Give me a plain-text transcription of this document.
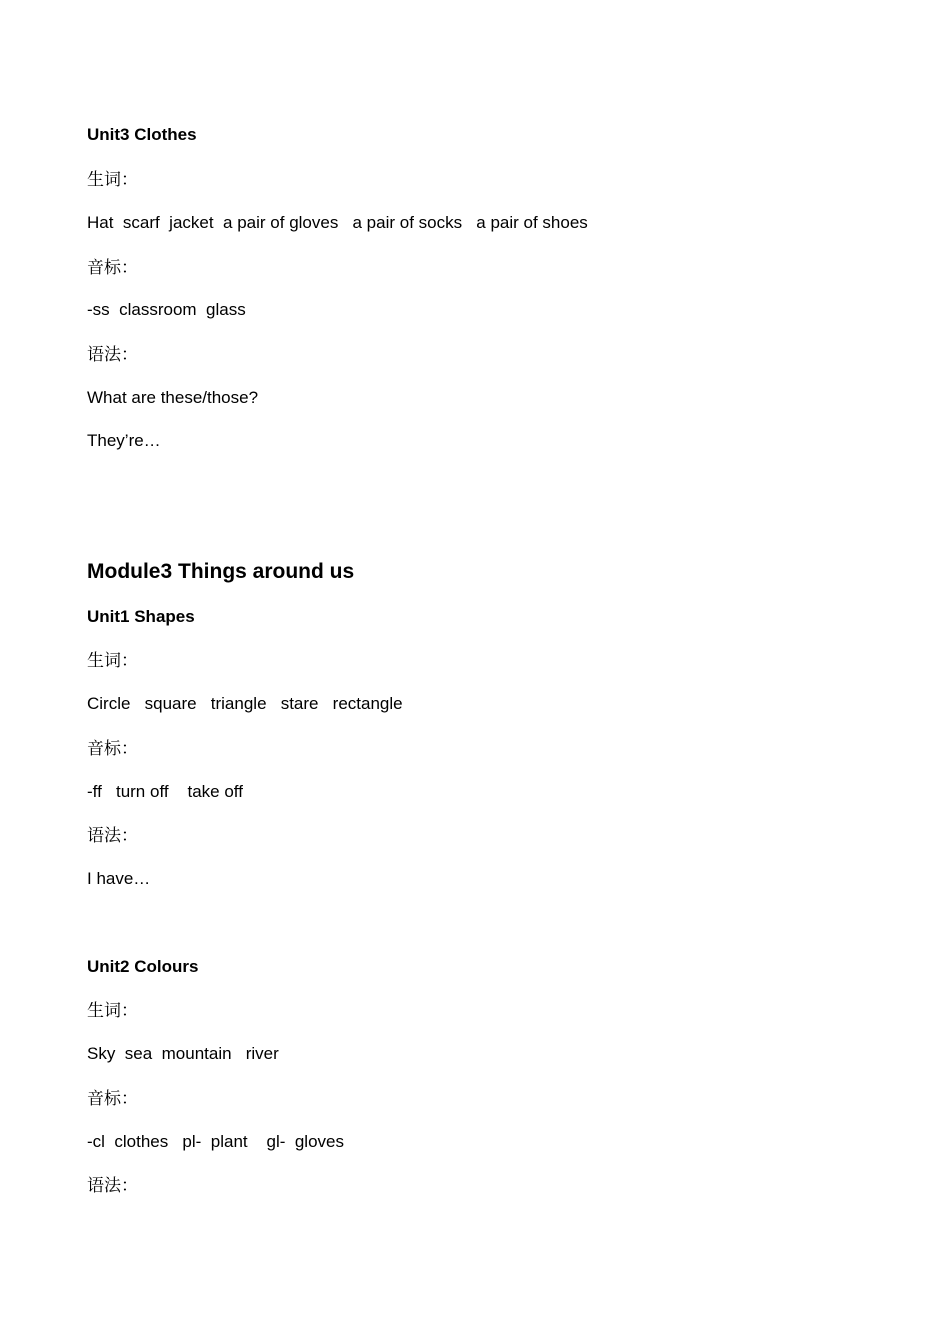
Unit3 Clothes
生词：
Hat  scarf  jacket  a pair of gloves   a pair of socks   a pair of shoes
音标：
-ss  classroom  glass
语法：
What are these/those?
They’re…
Module3 Things around us
Unit1 Shapes
生词：
Circle   square   triangle   stare   rectangle
音标：
-ff   turn off    take off
语法：
I have…
Unit2 Colours
生词：
Sky  sea  mountain   river
音标：
-cl  clothes   pl-  plant    gl-  gloves
语法：
